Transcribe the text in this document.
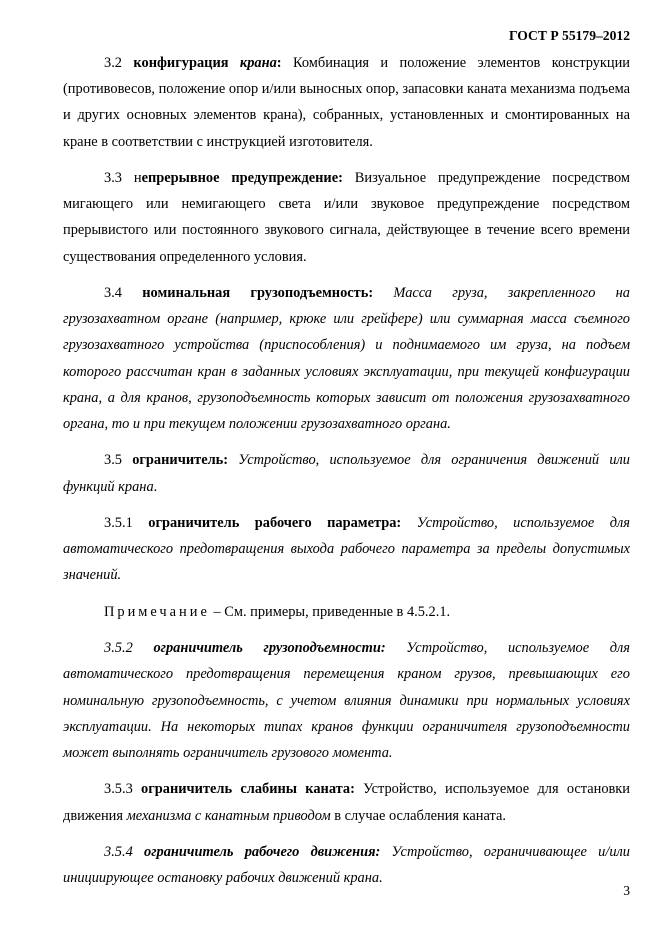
ГОСТ Р 55179–2012

3.2 конфигурация крана: Комбинация и положение элементов конструкции (противовесов, положение опор и/или выносных опор, запасовки каната механизма подъема и других основных элементов крана), собранных, установленных и смонтированных на кране в соответствии с инструкцией изготовителя.

3.3 непрерывное предупреждение: Визуальное предупреждение посредством мигающего или немигающего света и/или звуковое предупреждение посредством прерывистого или постоянного звукового сигнала, действующее в течение всего времени существования определенного условия.

3.4 номинальная грузоподъемность: Масса груза, закрепленного на грузозахватном органе (например, крюке или грейфере) или суммарная масса съемного грузозахватного устройства (приспособления) и поднимаемого им груза, на подъем которого рассчитан кран в заданных условиях эксплуатации, при текущей конфигурации крана, а для кранов, грузоподъемность которых зависит от положения грузозахватного органа, то и при текущем положении грузозахватного органа.

3.5 ограничитель: Устройство, используемое для ограничения движений или функций крана.

3.5.1 ограничитель рабочего параметра: Устройство, используемое для автоматического предотвращения выхода рабочего параметра за пределы допустимых значений.

Примечание – См. примеры, приведенные в 4.5.2.1.

3.5.2 ограничитель грузоподъемности: Устройство, используемое для автоматического предотвращения перемещения краном грузов, превышающих его номинальную грузоподъемность, с учетом влияния динамики при нормальных условиях эксплуатации. На некоторых типах кранов функции ограничителя грузоподъемности может выполнять ограничитель грузового момента.

3.5.3 ограничитель слабины каната: Устройство, используемое для остановки движения механизма с канатным приводом в случае ослабления каната.

3.5.4 ограничитель рабочего движения: Устройство, ограничивающее и/или инициирующее остановку рабочих движений крана.

3
